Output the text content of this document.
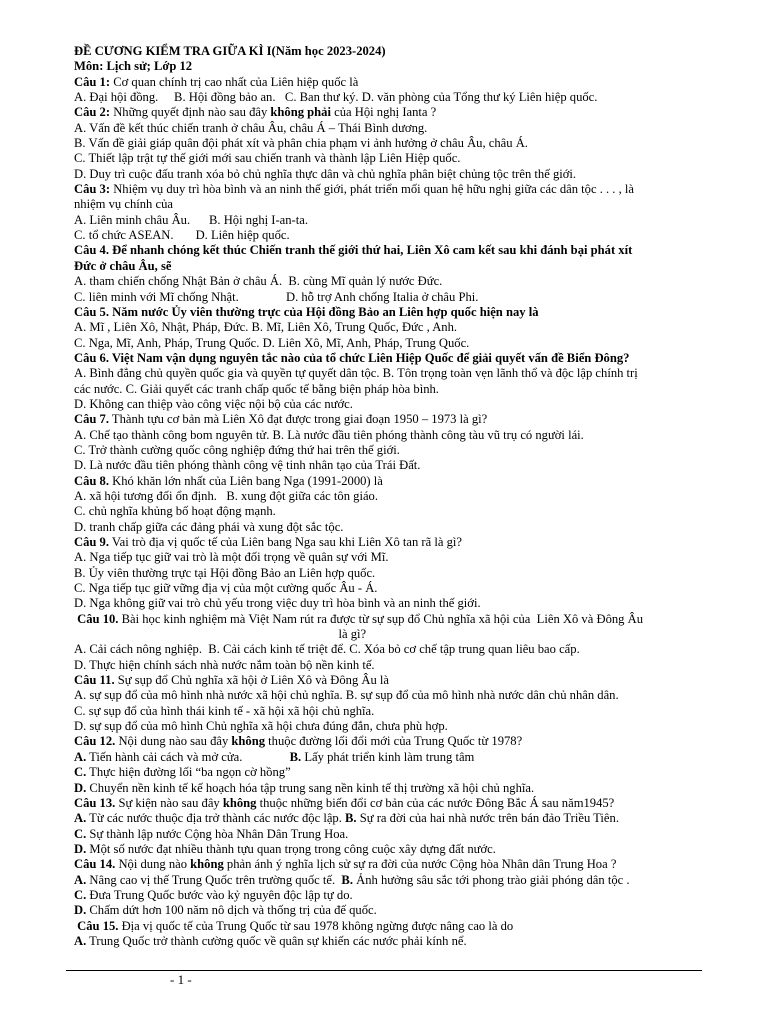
ĐỀ CƯƠNG KIỂM TRA GIỮA KÌ I(Năm học 2023-2024)
Môn: Lịch sử; Lớp 12
Câu 1: Cơ quan chính trị cao nhất của Liên hiệp quốc là
A. Đại hội đồng.     B. Hội đồng bảo an.   C. Ban thư ký. D. văn phòng của Tổng thư ký Liên hiệp quốc.
Câu 2: Những quyết định nào sau đây không phải của Hội nghị Ianta ?
A. Vấn đề kết thúc chiến tranh ở châu Âu, châu Á – Thái Bình dương.
B. Vấn đề giải giáp quân đội phát xít và phân chia phạm vi ảnh hưởng ở châu Âu, châu Á.
C. Thiết lập trật tự thế giới mới sau chiến tranh và thành lập Liên Hiệp quốc.
D. Duy trì cuộc đấu tranh xóa bỏ chủ nghĩa thực dân và chủ nghĩa phân biệt chủng tộc trên thế giới.
Câu 3: Nhiệm vụ duy trì hòa bình và an ninh thế giới, phát triển mối quan hệ hữu nghị giữa các dân tộc . . . , là
nhiệm vụ chính của
A. Liên minh châu Âu.      B. Hội nghị I-an-ta.
C. tổ chức ASEAN.       D. Liên hiệp quốc.
Câu 4. Để nhanh chóng kết thúc Chiến tranh thế giới thứ hai, Liên Xô cam kết sau khi đánh bại phát xít
Đức ở châu Âu, sẽ
A. tham chiến chống Nhật Bản ở châu Á.  B. cùng Mĩ quản lý nước Đức.
C. liên minh với Mĩ chống Nhật.               D. hỗ trợ Anh chống Italia ở châu Phi.
Câu 5. Năm nước Ủy viên thường trực của Hội đồng Bảo an Liên hợp quốc hiện nay là
A. Mĩ , Liên Xô, Nhật, Pháp, Đức. B. Mĩ, Liên Xô, Trung Quốc, Đức , Anh.
C. Nga, Mĩ, Anh, Pháp, Trung Quốc. D. Liên Xô, Mĩ, Anh, Pháp, Trung Quốc.
Câu 6. Việt Nam vận dụng nguyên tắc nào của tổ chức Liên Hiệp Quốc để giải quyết vấn đề Biển Đông?
A. Bình đẳng chủ quyền quốc gia và quyền tự quyết dân tộc. B. Tôn trọng toàn vẹn lãnh thổ và độc lập chính trị
các nước. C. Giải quyết các tranh chấp quốc tế bằng biện pháp hòa bình.
D. Không can thiệp vào công việc nội bộ của các nước.
Câu 7. Thành tựu cơ bản mà Liên Xô đạt được trong giai đoạn 1950 – 1973 là gì?
A. Chế tạo thành công bom nguyên tử. B. Là nước đầu tiên phóng thành công tàu vũ trụ có người lái.
C. Trở thành cường quốc công nghiệp đứng thứ hai trên thế giới.
D. Là nước đầu tiên phóng thành công vệ tinh nhân tạo của Trái Đất.
Câu 8. Khó khăn lớn nhất của Liên bang Nga (1991-2000) là
A. xã hội tương đối ổn định.   B. xung đột giữa các tôn giáo.
C. chủ nghĩa khủng bố hoạt động mạnh.
D. tranh chấp giữa các đảng phái và xung đột sắc tộc.
Câu 9. Vai trò địa vị quốc tế của Liên bang Nga sau khi Liên Xô tan rã là gì?
A. Nga tiếp tục giữ vai trò là một đối trọng về quân sự với Mĩ.
B. Ủy viên thường trực tại Hội đồng Bảo an Liên hợp quốc.
C. Nga tiếp tục giữ vững địa vị của một cường quốc Âu - Á.
D. Nga không giữ vai trò chủ yếu trong việc duy trì hòa bình và an ninh thế giới.
Câu 10. Bài học kinh nghiệm mà Việt Nam rút ra được từ sự sụp đổ Chủ nghĩa xã hội của  Liên Xô và Đông Âu
là gì?
A. Cải cách nông nghiệp.  B. Cải cách kinh tế triệt để. C. Xóa bỏ cơ chế tập trung quan liêu bao cấp.
D. Thực hiện chính sách nhà nước nắm toàn bộ nền kinh tế.
Câu 11. Sự sụp đổ Chủ nghĩa xã hội ở Liên Xô và Đông Âu là
A. sự sụp đổ của mô hình nhà nước xã hội chủ nghĩa. B. sự sụp đổ của mô hình nhà nước dân chủ nhân dân.
C. sự sụp đổ của hình thái kinh tế - xã hội xã hội chủ nghĩa.
D. sự sụp đổ của mô hình Chủ nghĩa xã hội chưa đúng đắn, chưa phù hợp.
Câu 12. Nội dung nào sau đây không thuộc đường lối đổi mới của Trung Quốc từ 1978?
A. Tiến hành cải cách và mở cửa.               B. Lấy phát triển kinh làm trung tâm
C. Thực hiện đường lối “ba ngọn cờ hồng”
D. Chuyển nền kinh tế kế hoạch hóa tập trung sang nền kinh tế thị trường xã hội chủ nghĩa.
Câu 13. Sự kiện nào sau đây không thuộc những biến đổi cơ bản của các nước Đông Bắc Á sau năm1945?
A. Từ các nước thuộc địa trở thành các nước độc lập. B. Sự ra đời của hai nhà nước trên bán đảo Triều Tiên.
C. Sự thành lập nước Cộng hòa Nhân Dân Trung Hoa.
D. Một số nước đạt nhiều thành tựu quan trọng trong công cuộc xây dựng đất nước.
Câu 14. Nội dung nào không phản ánh ý nghĩa lịch sử sự ra đời của nước Cộng hòa Nhân dân Trung Hoa ?
A. Nâng cao vị thế Trung Quốc trên trường quốc tế.  B. Ảnh hưởng sâu sắc tới phong trào giải phóng dân tộc .
C. Đưa Trung Quốc bước vào kỷ nguyên độc lập tự do.
D. Chấm dứt hơn 100 năm nô dịch và thống trị của đế quốc.
Câu 15. Địa vị quốc tế của Trung Quốc từ sau 1978 không ngừng được nâng cao là do
A. Trung Quốc trở thành cường quốc về quân sự khiến các nước phải kính nể.
- 1 -
